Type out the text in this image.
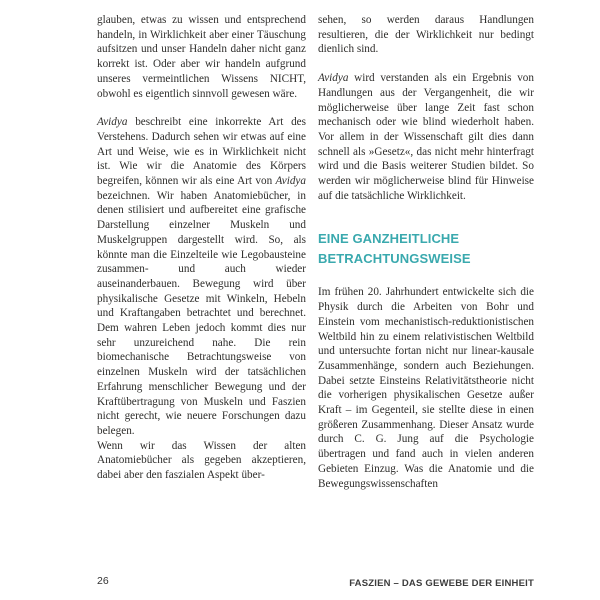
glauben, etwas zu wissen und entsprechend handeln, in Wirklichkeit aber einer Täuschung aufsitzen und unser Handeln daher nicht ganz korrekt ist. Oder aber wir handeln aufgrund unseres vermeintlichen Wissens NICHT, obwohl es eigentlich sinnvoll gewesen wäre.

Avidya beschreibt eine inkorrekte Art des Verstehens. Dadurch sehen wir etwas auf eine Art und Weise, wie es in Wirklichkeit nicht ist. Wie wir die Anatomie des Körpers begreifen, können wir als eine Art von Avidya bezeichnen. Wir haben Anatomiebücher, in denen stilisiert und aufbereitet eine grafische Darstellung einzelner Muskeln und Muskelgruppen dargestellt wird. So, als könnte man die Einzelteile wie Legobausteine zusammen- und auch wieder auseinanderbauen. Bewegung wird über physikalische Gesetze mit Winkeln, Hebeln und Kraftangaben betrachtet und berechnet. Dem wahren Leben jedoch kommt dies nur sehr unzureichend nahe. Die rein biomechanische Betrachtungsweise von einzelnen Muskeln wird der tatsächlichen Erfahrung menschlicher Bewegung und der Kraftübertragung von Muskeln und Faszien nicht gerecht, wie neuere Forschungen dazu belegen.

Wenn wir das Wissen der alten Anatomiebücher als gegeben akzeptieren, dabei aber den faszialen Aspekt über-

sehen, so werden daraus Handlungen resultieren, die der Wirklichkeit nur bedingt dienlich sind.

Avidya wird verstanden als ein Ergebnis von Handlungen aus der Vergangenheit, die wir möglicherweise über lange Zeit fast schon mechanisch oder wie blind wiederholt haben. Vor allem in der Wissenschaft gilt dies dann schnell als »Gesetz«, das nicht mehr hinterfragt wird und die Basis weiterer Studien bildet. So werden wir möglicherweise blind für Hinweise auf die tatsächliche Wirklichkeit.

EINE GANZHEITLICHE
BETRACHTUNGSWEISE

Im frühen 20. Jahrhundert entwickelte sich die Physik durch die Arbeiten von Bohr und Einstein vom mechanistisch-reduktionistischen Weltbild hin zu einem relativistischen Weltbild und untersuchte fortan nicht nur linear-kausale Zusammenhänge, sondern auch Beziehungen. Dabei setzte Einsteins Relativitätstheorie nicht die vorherigen physikalischen Gesetze außer Kraft – im Gegenteil, sie stellte diese in einen größeren Zusammenhang. Dieser Ansatz wurde durch C. G. Jung auf die Psychologie übertragen und fand auch in vielen anderen Gebieten Einzug. Was die Anatomie und die Bewegungswissenschaften

26	FASZIEN – DAS GEWEBE DER EINHEIT
